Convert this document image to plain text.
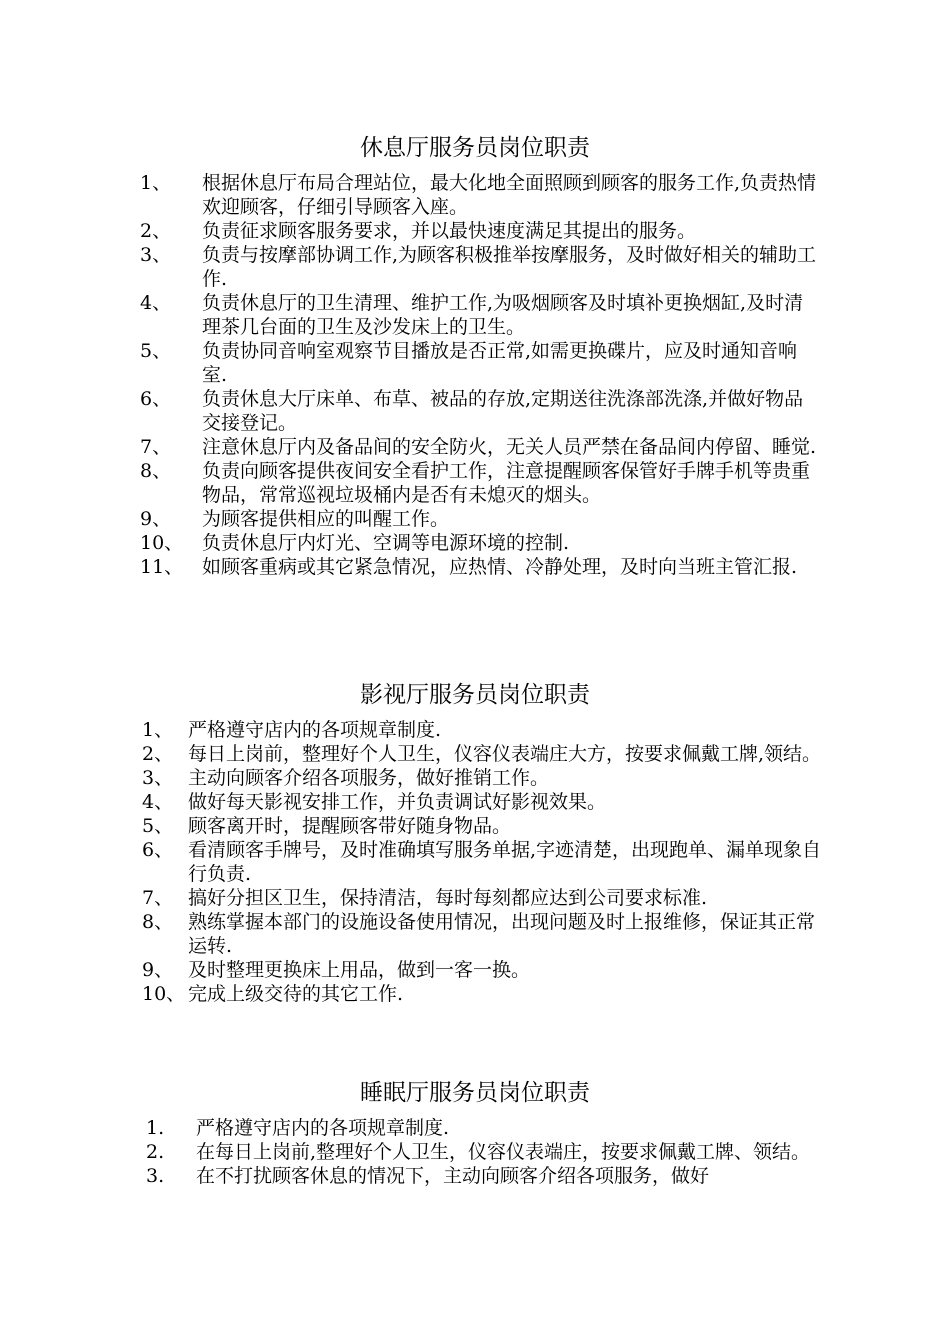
休息厅服务员岗位职责
1、	根据休息厅布局合理站位，最大化地全面照顾到顾客的服务工作,负责热情欢迎顾客，仔细引导顾客入座。
2、	负责征求顾客服务要求，并以最快速度满足其提出的服务。
3、	负责与按摩部协调工作,为顾客积极推举按摩服务，及时做好相关的辅助工作.
4、	负责休息厅的卫生清理、维护工作,为吸烟顾客及时填补更换烟缸,及时清理茶几台面的卫生及沙发床上的卫生。
5、	负责协同音响室观察节目播放是否正常,如需更换碟片，应及时通知音响室.
6、	负责休息大厅床单、布草、被品的存放,定期送往洗涤部洗涤,并做好物品交接登记。
7、	注意休息厅内及备品间的安全防火，无关人员严禁在备品间内停留、睡觉.
8、	负责向顾客提供夜间安全看护工作，注意提醒顾客保管好手牌手机等贵重物品，常常巡视垃圾桶内是否有未熄灭的烟头。
9、	为顾客提供相应的叫醒工作。
10、 负责休息厅内灯光、空调等电源环境的控制.
11、 如顾客重病或其它紧急情况，应热情、冷静处理，及时向当班主管汇报.
影视厅服务员岗位职责
1、 严格遵守店内的各项规章制度.
2、 每日上岗前，整理好个人卫生，仪容仪表端庄大方，按要求佩戴工牌,领结。
3、 主动向顾客介绍各项服务，做好推销工作。
4、 做好每天影视安排工作，并负责调试好影视效果。
5、 顾客离开时，提醒顾客带好随身物品。
6、 看清顾客手牌号，及时准确填写服务单据,字迹清楚，出现跑单、漏单现象自行负责.
7、 搞好分担区卫生，保持清洁，每时每刻都应达到公司要求标准.
8、 熟练掌握本部门的设施设备使用情况，出现问题及时上报维修，保证其正常运转.
9、 及时整理更换床上用品，做到一客一换。
10、 完成上级交待的其它工作.
睡眠厅服务员岗位职责
1.	严格遵守店内的各项规章制度.
2.	在每日上岗前,整理好个人卫生，仪容仪表端庄，按要求佩戴工牌、领结。
3.	在不打扰顾客休息的情况下，主动向顾客介绍各项服务，做好
